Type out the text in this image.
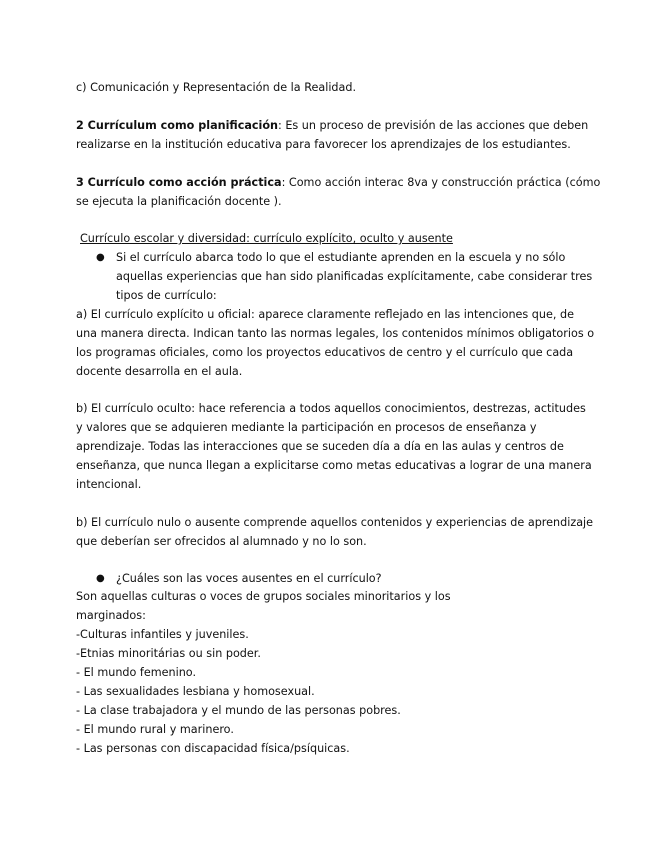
c) Comunicación y Representación de la Realidad.
2 Currículum como planificación: Es un proceso de previsión de las acciones que deben
realizarse en la institución educativa para favorecer los aprendizajes de los estudiantes.
3 Currículo como acción práctica: Como acción interac 8va y construcción práctica (cómo
se ejecuta la planificación docente ).
Currículo escolar y diversidad: currículo explícito, oculto y ausente
● Si el currículo abarca todo lo que el estudiante aprenden en la escuela y no sólo
aquellas experiencias que han sido planificadas explícitamente, cabe considerar tres
tipos de currículo:
a) El currículo explícito u oficial: aparece claramente reflejado en las intenciones que, de
una manera directa. Indican tanto las normas legales, los contenidos mínimos obligatorios o
los programas oficiales, como los proyectos educativos de centro y el currículo que cada
docente desarrolla en el aula.
b) El currículo oculto: hace referencia a todos aquellos conocimientos, destrezas, actitudes
y valores que se adquieren mediante la participación en procesos de enseñanza y
aprendizaje. Todas las interacciones que se suceden día a día en las aulas y centros de
enseñanza, que nunca llegan a explicitarse como metas educativas a lograr de una manera
intencional.
b) El currículo nulo o ausente comprende aquellos contenidos y experiencias de aprendizaje
que deberían ser ofrecidos al alumnado y no lo son.
● ¿Cuáles son las voces ausentes en el currículo?
Son aquellas culturas o voces de grupos sociales minoritarios y los
marginados:
-Culturas infantiles y juveniles.
-Etnias minoritárias ou sin poder.
- El mundo femenino.
- Las sexualidades lesbiana y homosexual.
- La clase trabajadora y el mundo de las personas pobres.
- El mundo rural y marinero.
- Las personas con discapacidad física/psíquicas.
